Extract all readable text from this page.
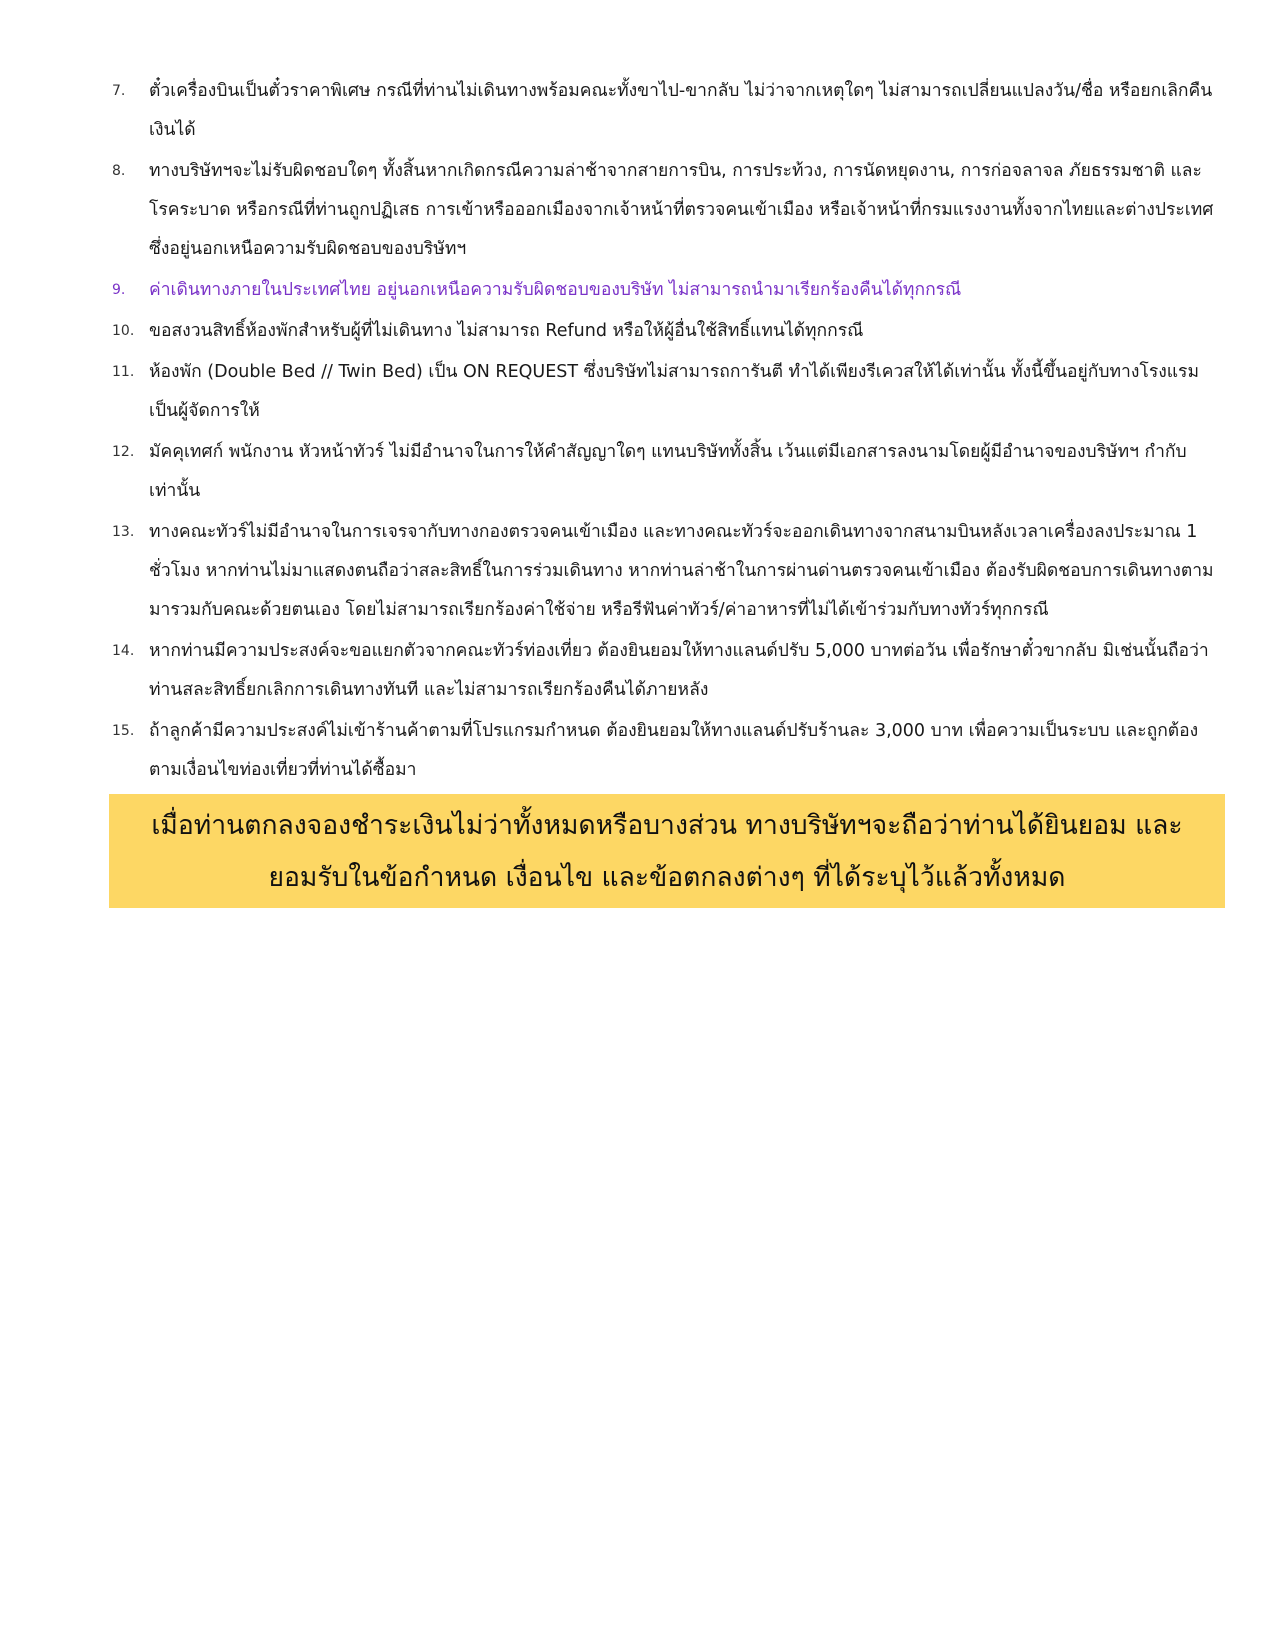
7. ตั๋วเครื่องบินเป็นตั๋วราคาพิเศษ กรณีที่ท่านไม่เดินทางพร้อมคณะทั้งขาไป-ขากลับ ไม่ว่าจากเหตุใดๆ ไม่สามารถเปลี่ยนแปลงวัน/ชื่อ หรือยกเลิกคืนเงินได้
8. ทางบริษัทฯจะไม่รับผิดชอบใดๆ ทั้งสิ้นหากเกิดกรณีความล่าช้าจากสายการบิน, การประท้วง, การนัดหยุดงาน, การก่อจลาจล ภัยธรรมชาติ และโรคระบาด หรือกรณีที่ท่านถูกปฏิเสธ การเข้าหรือออกเมืองจากเจ้าหน้าที่ตรวจคนเข้าเมือง หรือเจ้าหน้าที่กรมแรงงานทั้งจากไทยและต่างประเทศซึ่งอยู่นอกเหนือความรับผิดชอบของบริษัทฯ
9. ค่าเดินทางภายในประเทศไทย อยู่นอกเหนือความรับผิดชอบของบริษัท ไม่สามารถนำมาเรียกร้องคืนได้ทุกกรณี
10. ขอสงวนสิทธิ์ห้องพักสำหรับผู้ที่ไม่เดินทาง ไม่สามารถ Refund หรือให้ผู้อื่นใช้สิทธิ์แทนได้ทุกกรณี
11. ห้องพัก (Double Bed // Twin Bed) เป็น ON REQUEST ซึ่งบริษัทไม่สามารถการันตี ทำได้เพียงรีเควสให้ได้เท่านั้น ทั้งนี้ขึ้นอยู่กับทางโรงแรมเป็นผู้จัดการให้
12. มัคคุเทศก์ พนักงาน หัวหน้าทัวร์ ไม่มีอำนาจในการให้คำสัญญาใดๆ แทนบริษัททั้งสิ้น เว้นแต่มีเอกสารลงนามโดยผู้มีอำนาจของบริษัทฯ กำกับเท่านั้น
13. ทางคณะทัวร์ไม่มีอำนาจในการเจรจากับทางกองตรวจคนเข้าเมือง และทางคณะทัวร์จะออกเดินทางจากสนามบินหลังเวลาเครื่องลงประมาณ 1 ชั่วโมง หากท่านไม่มาแสดงตนถือว่าสละสิทธิ์ในการร่วมเดินทาง หากท่านล่าช้าในการผ่านด่านตรวจคนเข้าเมือง ต้องรับผิดชอบการเดินทางตามมารวมกับคณะด้วยตนเอง โดยไม่สามารถเรียกร้องค่าใช้จ่าย หรือรีฟันค่าทัวร์/ค่าอาหารที่ไม่ได้เข้าร่วมกับทางทัวร์ทุกกรณี
14. หากท่านมีความประสงค์จะขอแยกตัวจากคณะทัวร์ท่องเที่ยว ต้องยินยอมให้ทางแลนด์ปรับ 5,000 บาทต่อวัน เพื่อรักษาตั๋วขากลับ มิเช่นนั้นถือว่าท่านสละสิทธิ์ยกเลิกการเดินทางทันที และไม่สามารถเรียกร้องคืนได้ภายหลัง
15. ถ้าลูกค้ามีความประสงค์ไม่เข้าร้านค้าตามที่โปรแกรมกำหนด ต้องยินยอมให้ทางแลนด์ปรับร้านละ 3,000 บาท เพื่อความเป็นระบบ และถูกต้องตามเงื่อนไขท่องเที่ยวที่ท่านได้ซื้อมา
เมื่อท่านตกลงจองชำระเงินไม่ว่าทั้งหมดหรือบางส่วน ทางบริษัทฯจะถือว่าท่านได้ยินยอม และยอมรับในข้อกำหนด เงื่อนไข และข้อตกลงต่างๆ ที่ได้ระบุไว้แล้วทั้งหมด
